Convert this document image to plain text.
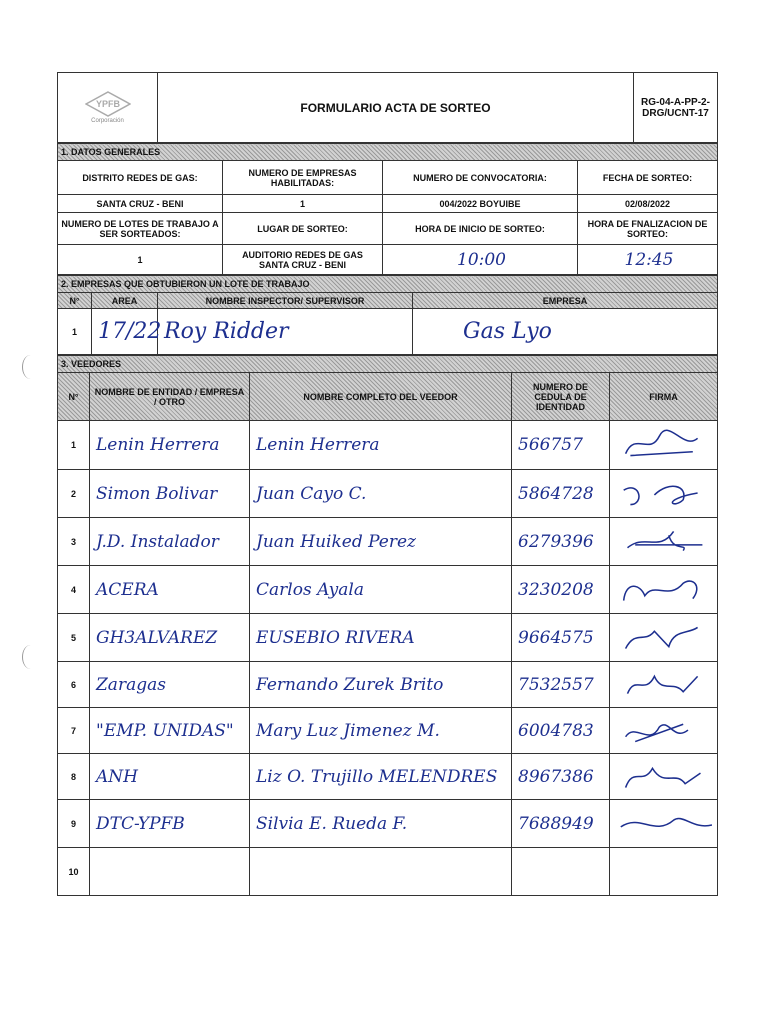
YPFB
Corporación
	FORMULARIO ACTA DE SORTEO	RG-04-A-PP-2-DRG/UCNT-17
1. DATOS GENERALES			
DISTRITO REDES DE GAS:	NUMERO DE EMPRESAS HABILITADAS:	NUMERO DE CONVOCATORIA:	FECHA DE SORTEO:
SANTA CRUZ - BENI	1	004/2022 BOYUIBE	02/08/2022
NUMERO DE LOTES DE TRABAJO A SER SORTEADOS:	LUGAR DE SORTEO:	HORA DE INICIO DE SORTEO:	HORA DE FNALIZACION DE SORTEO:
1	AUDITORIO REDES DE GAS SANTA CRUZ - BENI	10:00	12:45
2. EMPRESAS QUE OBTUBIERON UN LOTE DE TRABAJO			
N°	AREA	NOMBRE INSPECTOR/ SUPERVISOR	EMPRESA
1	17/22	Roy Ridder	Gas Lyo
3. VEEDORES				
N°	NOMBRE DE ENTIDAD / EMPRESA / OTRO	NOMBRE COMPLETO DEL VEEDOR	NUMERO DE CEDULA DE IDENTIDAD	FIRMA
1	Lenin Herrera	Lenin Herrera	566757	

2	Simon Bolivar	Juan Cayo C.	5864728	

3	J.D. Instalador	Juan Huiked Perez	6279396	

4	ACERA	Carlos Ayala	3230208	

5	GH3ALVAREZ	EUSEBIO RIVERA	9664575	

6	Zaragas	Fernando Zurek Brito	7532557	

7	"EMP. UNIDAS"	Mary Luz Jimenez M.	6004783	

8	ANH	Liz O. Trujillo MELENDRES	8967386	

9	DTC-YPFB	Silvia E. Rueda F.	7688949	

10				
